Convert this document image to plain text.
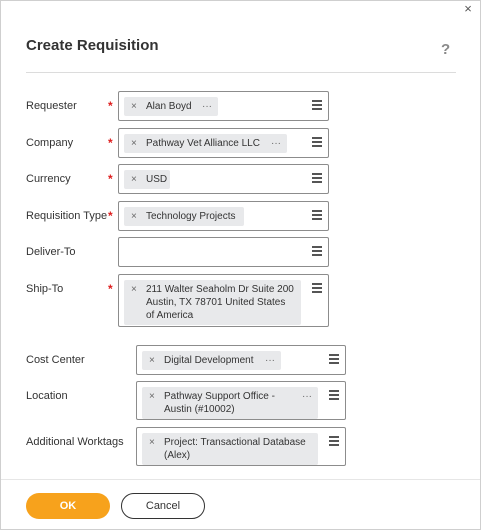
×
Create Requisition	?
Requester	* × Alan Boyd ···
Company	* × Pathway Vet Alliance LLC ···
Currency	* × USD
Requisition Type * × Technology Projects
Deliver-To
Ship-To	* × 211 Walter Seaholm Dr Suite 200 Austin, TX 78701 United States of America
Cost Center	× Digital Development ···
Location	× Pathway Support Office - Austin (#10002)
···
Additional Worktags	× Project: Transactional Database (Alex)
OK	Cancel
